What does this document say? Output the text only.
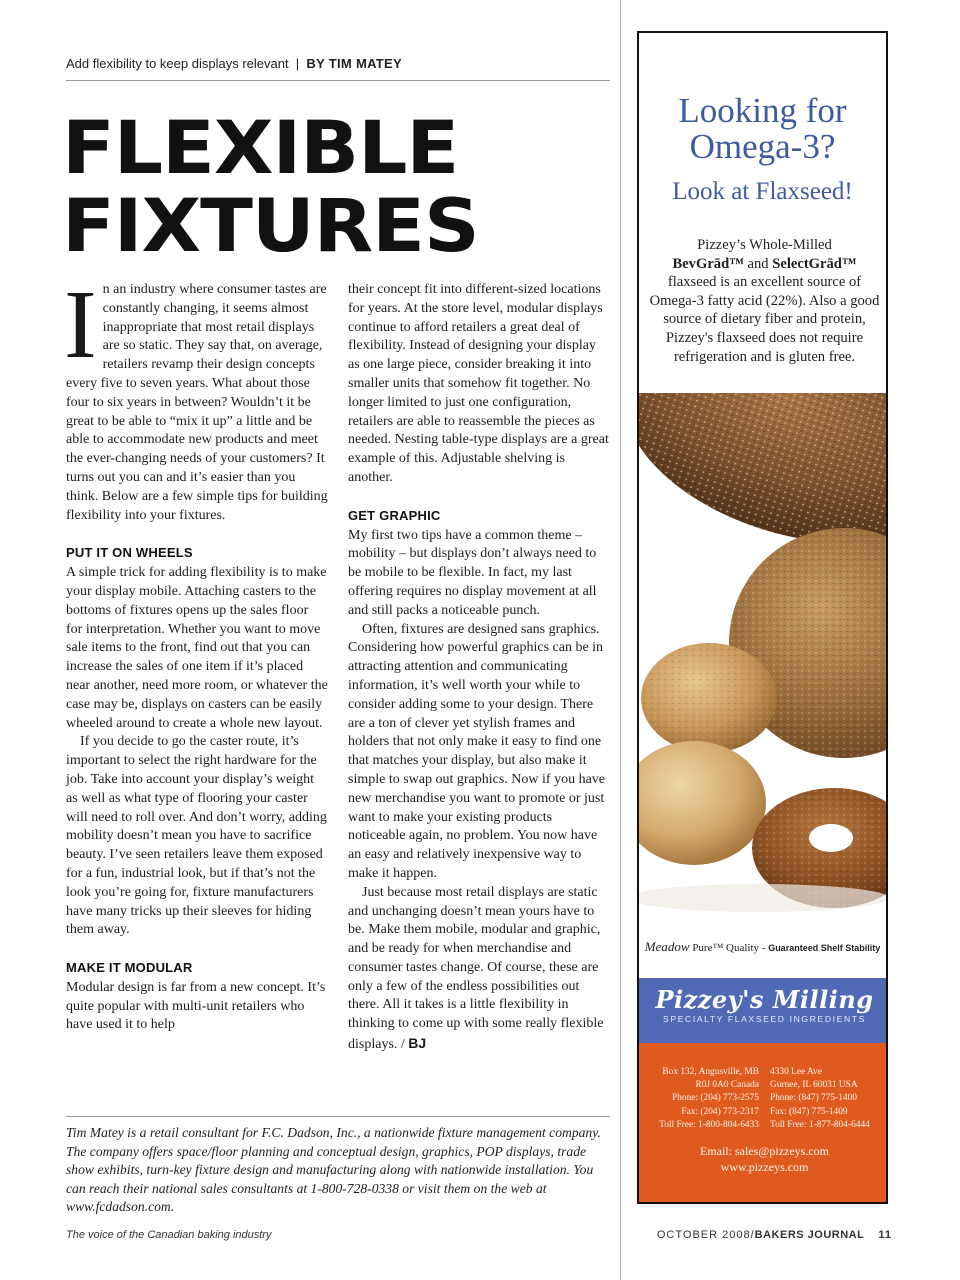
Add flexibility to keep displays relevant | BY TIM MATEY
FLEXIBLE
FIXTURES

In an industry where consumer tastes are constantly changing, it seems almost inappropriate that most retail displays are so static. They say that, on average, retailers revamp their design concepts every five to seven years. What about those four to six years in between? Wouldn’t it be great to be able to “mix it up” a little and be able to accommodate new products and meet the ever-changing needs of your customers? It turns out you can and it’s easier than you think. Below are a few simple tips for building flexibility into your fixtures.

PUT IT ON WHEELS

A simple trick for adding flexibility is to make your display mobile. Attaching casters to the bottoms of fixtures opens up the sales floor for interpretation. Whether you want to move sale items to the front, find out that you can increase the sales of one item if it’s placed near another, need more room, or whatever the case may be, displays on casters can be easily wheeled around to create a whole new layout.

If you decide to go the caster route, it’s important to select the right hardware for the job. Take into account your display’s weight as well as what type of flooring your caster will need to roll over. And don’t worry, adding mobility doesn’t mean you have to sacrifice beauty. I’ve seen retailers leave them exposed for a fun, industrial look, but if that’s not the look you’re going for, fixture manufacturers have many tricks up their sleeves for hiding them away.

MAKE IT MODULAR

Modular design is far from a new concept. It’s quite popular with multi-unit retailers who have used it to help

their concept fit into different-sized locations for years. At the store level, modular displays continue to afford retailers a great deal of flexibility. Instead of designing your display as one large piece, consider breaking it into smaller units that somehow fit together. No longer limited to just one configuration, retailers are able to reassemble the pieces as needed. Nesting table-type displays are a great example of this. Adjustable shelving is another.

GET GRAPHIC

My first two tips have a common theme – mobility – but displays don’t always need to be mobile to be flexible. In fact, my last offering requires no display movement at all and still packs a noticeable punch.

Often, fixtures are designed sans graphics. Considering how powerful graphics can be in attracting attention and communicating information, it’s well worth your while to consider adding some to your design. There are a ton of clever yet stylish frames and holders that not only make it easy to find one that matches your display, but also make it simple to swap out graphics. Now if you have new merchandise you want to promote or just want to make your existing products noticeable again, no problem. You now have an easy and relatively inexpensive way to make it happen.

Just because most retail displays are static and unchanging doesn’t mean yours have to be. Make them mobile, modular and graphic, and be ready for when merchandise and consumer tastes change. Of course, these are only a few of the endless possibilities out there. All it takes is a little flexibility in thinking to come up with some really flexible displays. / BJ

Tim Matey is a retail consultant for F.C. Dadson, Inc., a nationwide fixture management company. The company offers space/floor planning and conceptual design, graphics, POP displays, trade show exhibits, turn-key fixture design and manufacturing along with nationwide installation. You can reach their national sales consultants at 1-800-728-0338 or visit them on the web at www.fcdadson.com.
The voice of the Canadian baking industry	OCTOBER 2008/BAKERS JOURNAL 11
Looking for
Omega-3?
Look at Flaxseed!
Pizzey’s Whole-Milled
BevGrād™ and SelectGrād™
flaxseed is an excellent source of Omega-3 fatty acid (22%). Also a good source of dietary fiber and protein, Pizzey's flaxseed does not require refrigeration and is gluten free.
Meadow Pure™ Quality - Guaranteed Shelf Stability
Pizzey's Milling
SPECIALTY FLAXSEED INGREDIENTS
Box 132, Angusville, MB
R0J 0A0 Canada
Phone: (204) 773-2575
Fax: (204) 773-2317
Toll Free: 1-800-804-6433
4330 Lee Ave
Gurnee, IL 60031 USA
Phone: (847) 775-1400
Fax: (847) 775-1409
Toll Free: 1-877-804-6444
Email: sales@pizzeys.com
www.pizzeys.com
